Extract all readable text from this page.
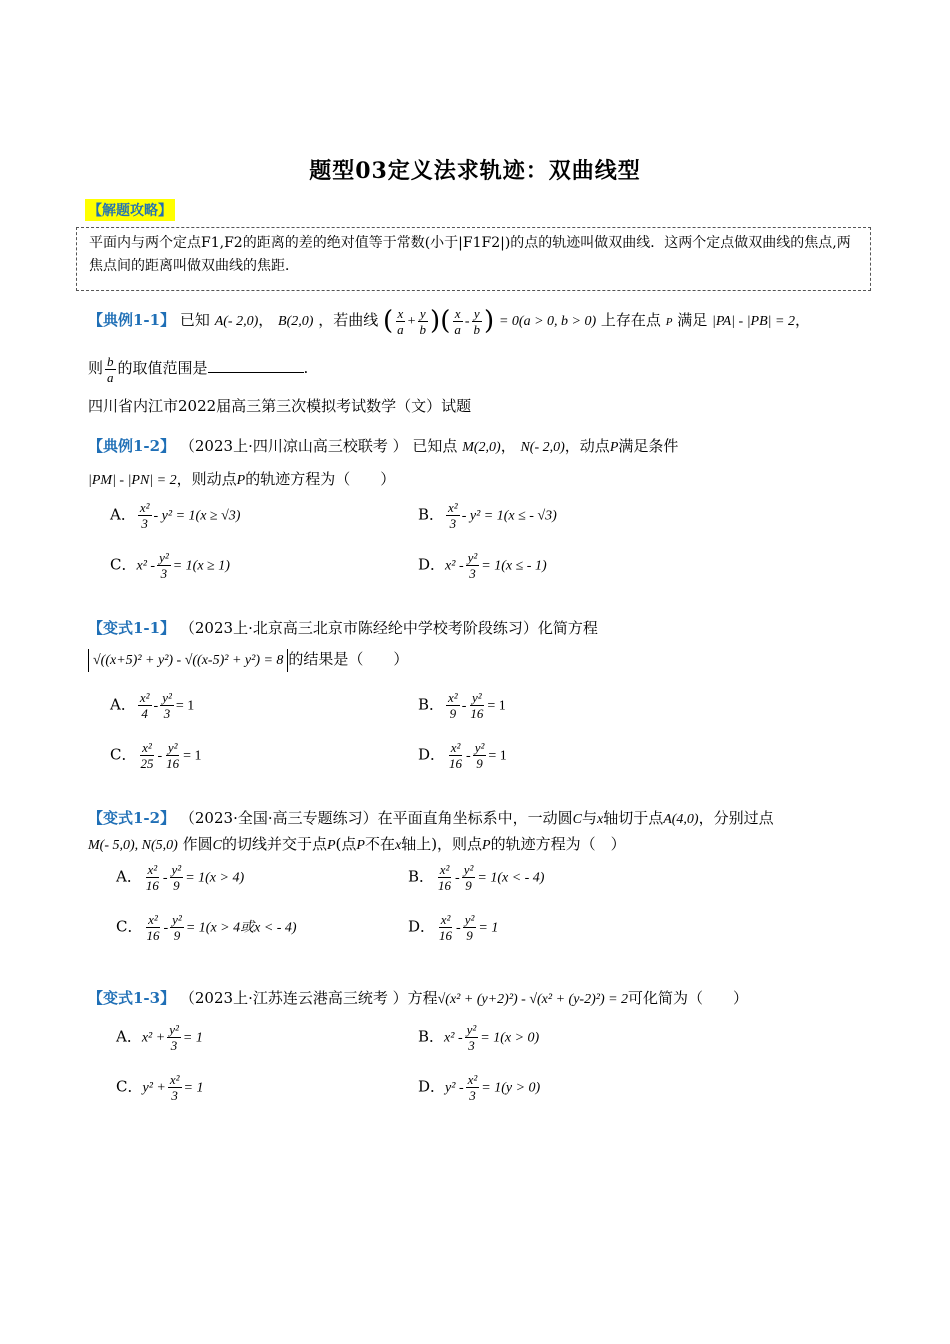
题型03定义法求轨迹：双曲线型
【解题攻略】
平面内与两个定点F1,F2的距离的差的绝对值等于常数(小于|F1F2|)的点的轨迹叫做双曲线．这两个定点做双曲线的焦点,两焦点间的距离叫做双曲线的焦距．
【典例1-1】 已知 A(- 2,0)， B(2,0) ，若曲线 ( $\frac{x}{a} + \frac{y}{b}$ )( $\frac{x}{a} - \frac{y}{b}$ ) = 0(a > 0, b > 0) 上存在点 P 满足 |PA| - |PB| = 2，
则 $\frac{b}{a}$ 的取值范围是	.
四川省内江市2022届高三第三次模拟考试数学（文）试题
【典例1-2】 （2023上·四川凉山高三校联考 ） 已知点 M(2,0)， N(- 2,0)，动点P满足条件
|PM| - |PN| = 2，则动点P的轨迹方程为（　　）
A． $\frac{\text{x²}}{3} - y^2 = 1(x \ge √3)$	B． $\frac{\text{x²}}{3} - y^2 = 1(x$ ≤ - √3)
C．$x^2 - \frac{\text{y²}}{3} = 1(x \ge 1)$	D．$x^2 - \frac{\text{y²}}{3} = 1(x$ ≤ - 1)
【变式1-1】 （2023上·北京高三北京市陈经纶中学校考阶段练习）化简方程
√((x+5)² + y²) - √((x-5)² + y²) = 8 的结果是（　　）
A． $\frac{\text{x²}}{4} - \frac{\text{y²}}{3} = 1$	B． $\frac{\text{x²}}{9} - \frac{\text{y²}}{16} = 1$
C． $\frac{\text{x²}}{25} - \frac{\text{y²}}{16} = 1$	D． $\frac{\text{x²}}{16} - \frac{\text{y²}}{9} = 1$
【变式1-2】 （2023·全国·高三专题练习）在平面直角坐标系中，一动圆C与x轴切于点A(4,0)，分别过点
M(- 5,0), N(5,0) 作圆C的切线并交于点P(点P不在x轴上)，则点P的轨迹方程为（　）
A． $\frac{\text{x²}}{16} - \frac{\text{y²}}{9} = 1(x > 4)$	B． $\frac{\text{x²}}{16} - \frac{\text{y²}}{9} = 1(x$ < - 4)
C． $\frac{\text{x²}}{16} - \frac{\text{y²}}{9} = 1(x > 4$或x < - 4)	D． $\frac{\text{x²}}{16} - \frac{\text{y²}}{9} = 1$
【变式1-3】 （2023上·江苏连云港高三统考 ）方程√(x² + (y+2)²) - √(x² + (y-2)²) = 2可化简为（　　）
A．$x^2 + \frac{\text{y²}}{3} = 1$	B．$x^2 - \frac{\text{y²}}{3} = 1(x > 0)$
C．$y^2 + \frac{\text{x²}}{3} = 1$	D．$y^2 - \frac{\text{x²}}{3} = 1(y > 0)$
